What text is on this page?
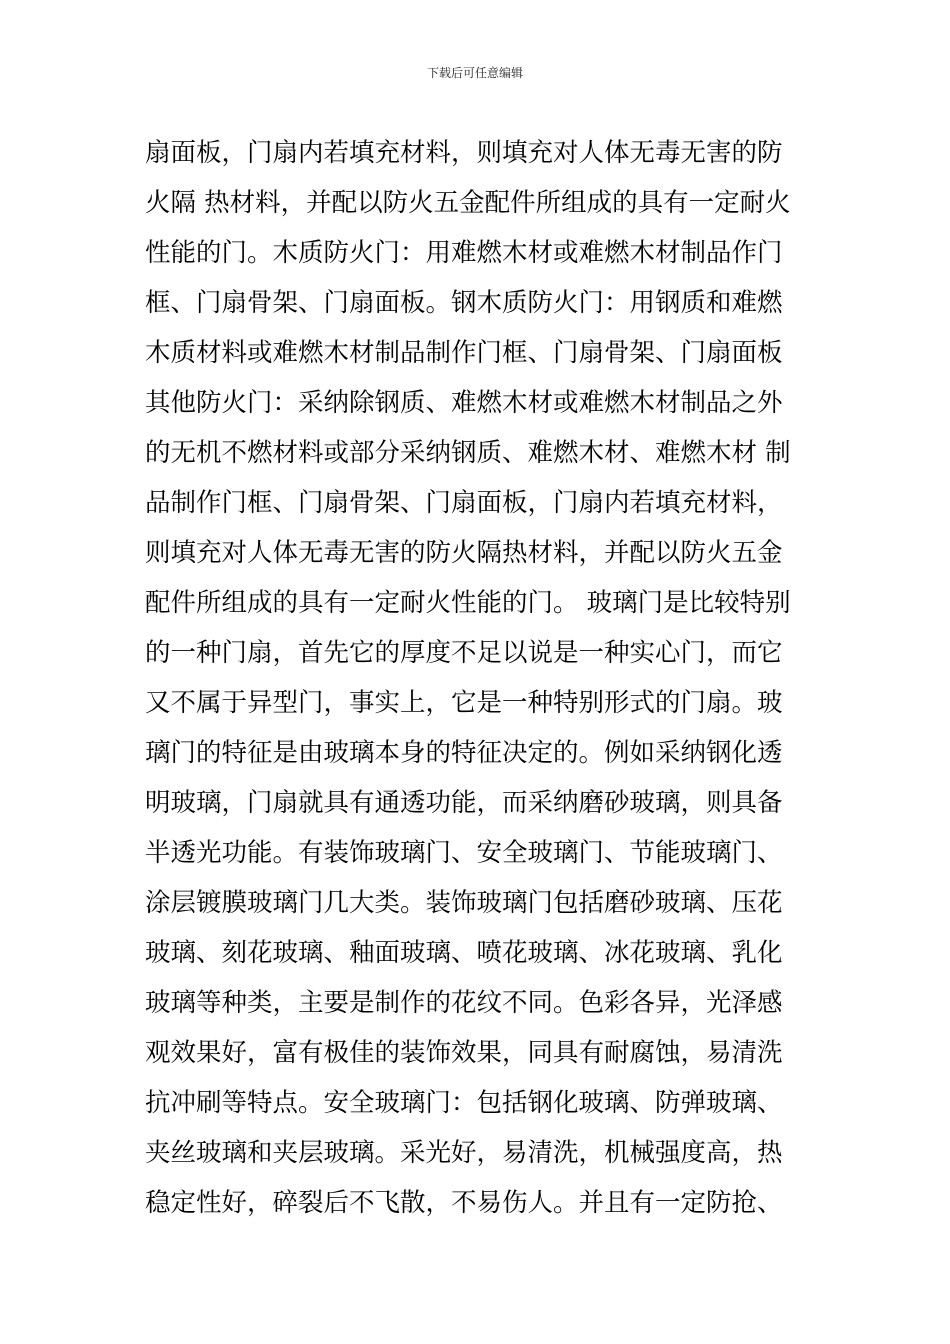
下载后可任意编辑
扇面板，门扇内若填充材料，则填充对人体无毒无害的防
火隔 热材料，并配以防火五金配件所组成的具有一定耐火
性能的门。木质防火门：用难燃木材或难燃木材制品作门
框、门扇骨架、门扇面板。钢木质防火门：用钢质和难燃
木质材料或难燃木材制品制作门框、门扇骨架、门扇面板
其他防火门：采纳除钢质、难燃木材或难燃木材制品之外
的无机不燃材料或部分采纳钢质、难燃木材、难燃木材 制
品制作门框、门扇骨架、门扇面板，门扇内若填充材料，
则填充对人体无毒无害的防火隔热材料，并配以防火五金
配件所组成的具有一定耐火性能的门。 玻璃门是比较特别
的一种门扇，首先它的厚度不足以说是一种实心门，而它
又不属于异型门，事实上，它是一种特别形式的门扇。玻
璃门的特征是由玻璃本身的特征决定的。例如采纳钢化透
明玻璃，门扇就具有通透功能，而采纳磨砂玻璃，则具备
半透光功能。有装饰玻璃门、安全玻璃门、节能玻璃门、
涂层镀膜玻璃门几大类。装饰玻璃门包括磨砂玻璃、压花
玻璃、刻花玻璃、釉面玻璃、喷花玻璃、冰花玻璃、乳化
玻璃等种类，主要是制作的花纹不同。色彩各异，光泽感
观效果好，富有极佳的装饰效果，同具有耐腐蚀，易清洗
抗冲刷等特点。安全玻璃门：包括钢化玻璃、防弹玻璃、
夹丝玻璃和夹层玻璃。采光好，易清洗，机械强度高，热
稳定性好，碎裂后不飞散，不易伤人。并且有一定防抢、
